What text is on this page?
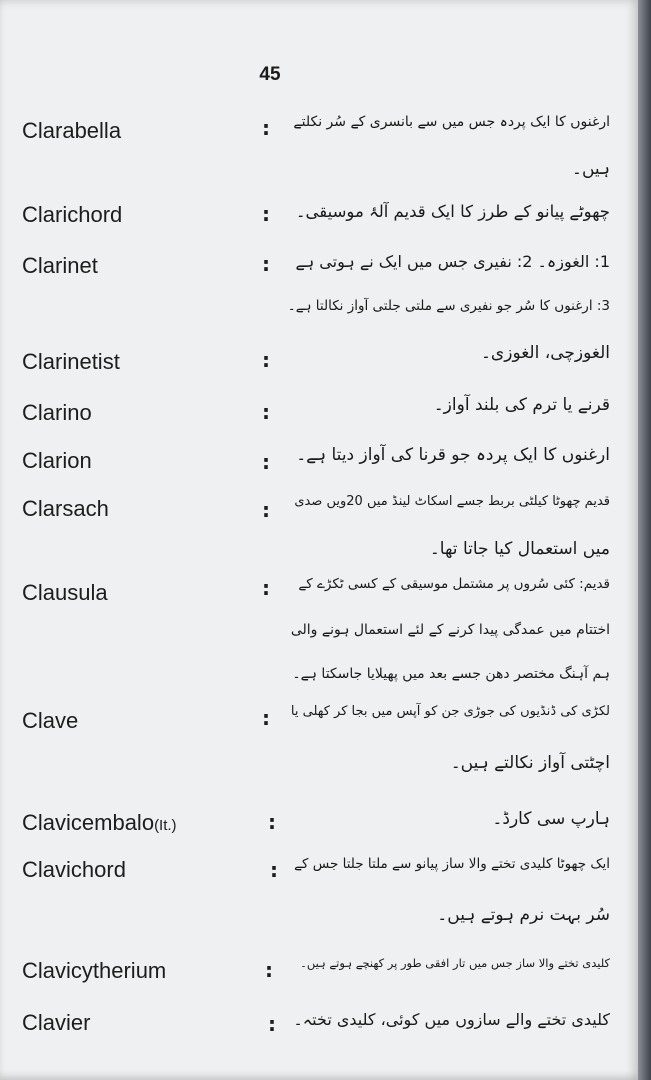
45
Clarabella	: ارغنوں کا ایک پردہ جس میں سے بانسری کے سُر نکلتے
ہیں۔
Clarichord	: چھوٹے پیانو کے طرز کا ایک قدیم آلۂ موسیقی۔
Clarinet	: 1: الغوزہ۔ 2: نفیری جس میں ایک نے ہوتی ہے
3: ارغنوں کا سُر جو نفیری سے ملتی جلتی آواز نکالتا ہے۔
Clarinetist	:	الغوزچی، الغوزی۔
Clarino	:	قرنے یا ترم کی بلند آواز۔
Clarion	: ارغنوں کا ایک پردہ جو قرنا کی آواز دیتا ہے۔
Clarsach	: قدیم چھوٹا کیلٹی بربط جسے اسکاٹ لینڈ میں 20ویں صدی
میں استعمال کیا جاتا تھا۔
Clausula	: قدیم: کئی سُروں پر مشتمل موسیقی کے کسی ٹکڑے کے
اختتام میں عمدگی پیدا کرنے کے لئے استعمال ہونے والی
ہم آہنگ مختصر دھن جسے بعد میں پھیلایا جاسکتا ہے۔
Clave	: لکڑی کی ڈنڈیوں کی جوڑی جن کو آپس میں بجا کر کھلی یا
اچٹتی آواز نکالتے ہیں۔
Clavicembalo(It.)	:	ہارپ سی کارڈ۔
Clavichord	: ایک چھوٹا کلیدی تختے والا ساز پیانو سے ملتا جلتا جس کے
سُر بہت نرم ہوتے ہیں۔
Clavicytherium	: کلیدی تختے والا ساز جس میں تار افقی طور پر کھنچے ہوتے ہیں۔
Clavier	: کلیدی تختے والے سازوں میں کوئی، کلیدی تختہ۔
